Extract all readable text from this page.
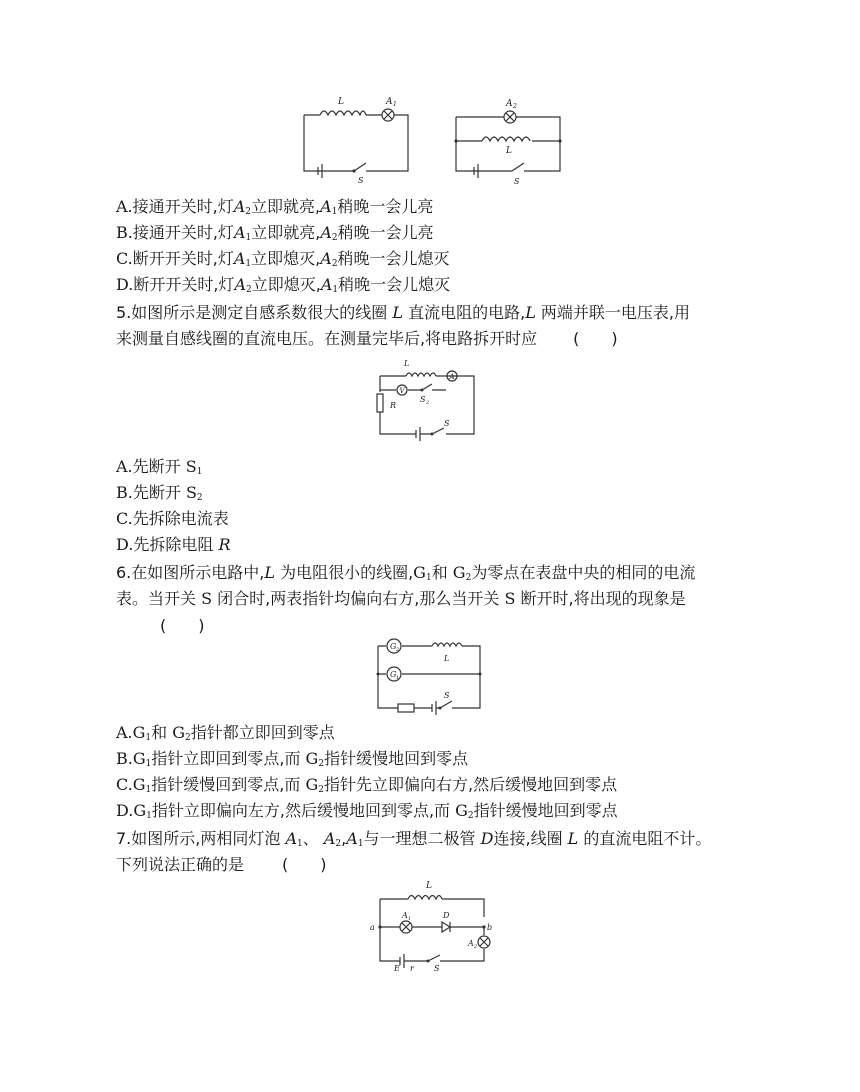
L	A 1
S
A 2
L
S
A.接通开关时,灯$A_2$立即就亮$,A_1$稍晚一会儿亮
B.接通开关时,灯$A_1$立即就亮$,A_2$稍晚一会儿亮
C.断开开关时,灯$A_1$立即熄灭$,A_2$稍晚一会儿熄灭
D.断开开关时,灯$A_2$立即熄灭$,A_1$稍晚一会儿熄灭
5.如图所示是测定自感系数很大的线圈 L 直流电阻的电路,L 两端并联一电压表,用
来测量自感线圈的直流电压。在测量完毕后,将电路拆开时应 (　　)
L
V
A
S 2
R
S
A.先断开 $S_1$
B.先断开 $S_2$
C.先拆除电流表
D.先拆除电阻 R
6.在如图所示电路中,L 为电阻很小的线圈$,G_1$和 $G_2$为零点在表盘中央的相同的电流
表。当开关 S 闭合时,两表指针均偏向右方,那么当开关 S 断开时,将出现的现象是
(　　)
G 2
G 1
L
S
$A.G_1$和 $G_2$指针都立即回到零点
$B.G_1$指针立即回到零点,而 $G_2$指针缓慢地回到零点
$C.G_1$指针缓慢回到零点,而 $G_2$指针先立即偏向右方,然后缓慢地回到零点
$D.G_1$指针立即偏向左方,然后缓慢地回到零点,而 $G_2$指针缓慢地回到零点
7.如图所示,两相同灯泡 $A_1$、 $A_2,A_1$与一理想二极管 D连接,线圈 L 的直流电阻不计。
下列说法正确的是 (　　)
L
a	b
A 1	D
A 2
E r	S
